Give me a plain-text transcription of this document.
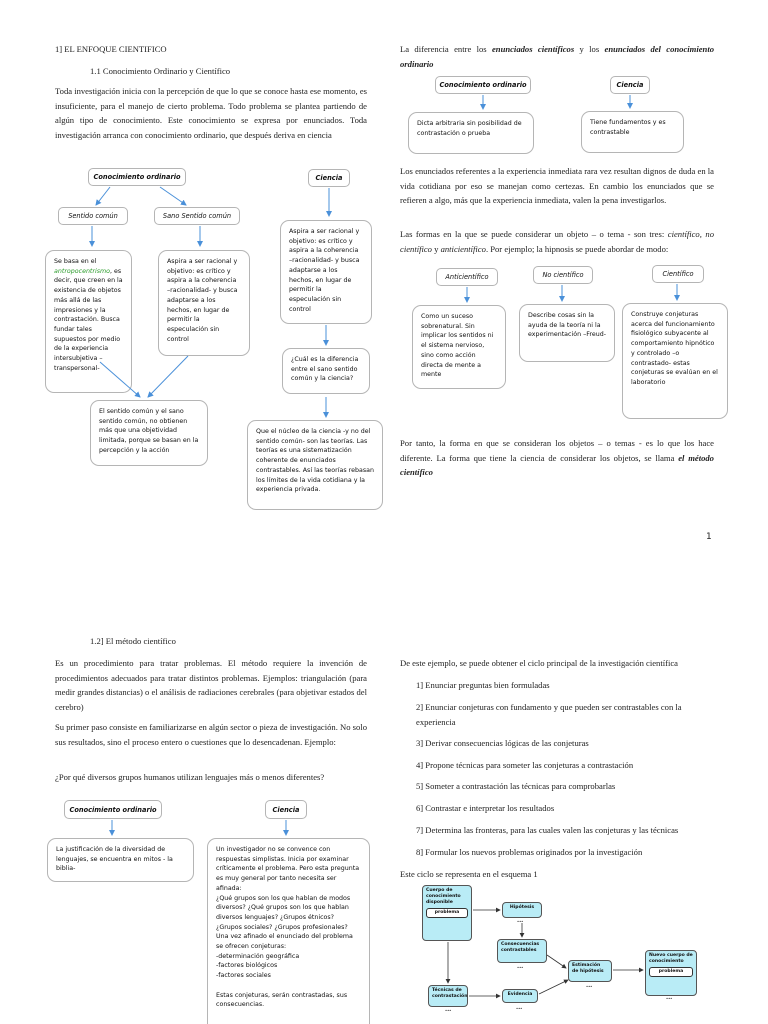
1] EL ENFOQUE CIENTIFICO
1.1 Conocimiento Ordinario y Científico
Toda investigación inicia con la percepción de que lo que se conoce hasta ese momento, es insuficiente, para el manejo de cierto problema. Todo problema se plantea partiendo de algún tipo de conocimiento. Este conocimiento se expresa por enunciados. Toda investigación arranca con conocimiento ordinario, que después deriva en ciencia
Conocimiento ordinario	Ciencia
Sentido común	Sano Sentido común
Se basa en el antropocentrismo, es decir, que creen en la existencia de objetos más allá de las impresiones y la contrastación. Busca fundar tales supuestos por medio de la experiencia intersubjetiva –transpersonal-
Aspira a ser racional y objetivo: es crítico y aspira a la coherencia –racionalidad- y busca adaptarse a los hechos, en lugar de permitir la especulación sin control
Aspira a ser racional y objetivo: es crítico y aspira a la coherencia –racionalidad- y busca adaptarse a los hechos, en lugar de permitir la especulación sin control
El sentido común y el sano sentido común, no obtienen más que una objetividad limitada, porque se basan en la percepción y la acción
¿Cuál es la diferencia entre el sano sentido común y la ciencia?
Que el núcleo de la ciencia -y no del sentido común- son las teorías. Las teorías es una sistematización coherente de enunciados contrastables. Así las teorías rebasan los límites de la vida cotidiana y la experiencia privada.
La diferencia entre los enunciados científicos y los enunciados del conocimiento ordinario
Conocimiento ordinario	Ciencia
Dicta arbitraria sin posibilidad de contrastación o prueba
Tiene fundamentos y es contrastable
Los enunciados referentes a la experiencia inmediata rara vez resultan dignos de duda en la vida cotidiana por eso se manejan como certezas. En cambio los enunciados que se refieren a algo, más que la experiencia inmediata, valen la pena investigarlos.
Las formas en la que se puede considerar un objeto – o tema - son tres: científico, no científico y anticientífico. Por ejemplo; la hipnosis se puede abordar de modo:
Anticientífico	No científico	Científico
Como un suceso sobrenatural. Sin implicar los sentidos ni el sistema nervioso, sino como acción directa de mente a mente
Describe cosas sin la ayuda de la teoría ni la experimentación –Freud-
Construye conjeturas acerca del funcionamiento fisiológico subyacente al comportamiento hipnótico y controlado –o contrastado- estas conjeturas se evalúan en el laboratorio
Por tanto, la forma en que se consideran los objetos – o temas - es lo que los hace diferente. La forma que tiene la ciencia de considerar los objetos, se llama el método científico
1
1.2] El método científico
Es un procedimiento para tratar problemas. El método requiere la invención de procedimientos adecuados para tratar distintos problemas. Ejemplos: triangulación (para medir grandes distancias) o el análisis de radiaciones cerebrales (para objetivar estados del cerebro)
Su primer paso consiste en familiarizarse en algún sector o pieza de investigación. No solo sus resultados, sino el proceso entero o cuestiones que lo desencadenan. Ejemplo:
¿Por qué diversos grupos humanos utilizan lenguajes más o menos diferentes?
Conocimiento ordinario	Ciencia
La justificación de la diversidad de lenguajes, se encuentra en mitos - la biblia-
Un investigador no se convence con respuestas simplistas. Inicia por examinar críticamente el problema. Pero esta pregunta es muy general por tanto necesita ser afinada:
¿Qué grupos son los que hablan de modos diversos? ¿Qué grupos son los que hablan diversos lenguajes? ¿Grupos étnicos? ¿Grupos sociales? ¿Grupos profesionales? Una vez afinado el enunciado del problema se ofrecen conjeturas:
-determinación geográfica
-factores biológicos
-factores sociales

Estas conjeturas, serán contrastadas, sus consecuencias.
De este ejemplo, se puede obtener el ciclo principal de la investigación científica
1] Enunciar preguntas bien formuladas
2] Enunciar conjeturas con fundamento y que pueden ser contrastables con la experiencia
3] Derivar consecuencias lógicas de las conjeturas
4] Propone técnicas para someter las conjeturas a contrastación
5] Someter a contrastación las técnicas para comprobarlas
6] Contrastar e interpretar los resultados
7] Determina las fronteras, para las cuales valen las conjeturas y las técnicas
8] Formular los nuevos problemas originados por la investigación
Este ciclo se representa en el esquema 1
Cuerpo de conocimiento disponible
problema
Hipótesis
Consecuencias contrastables
Estimación de hipótesis
Nuevo cuerpo de conocimiento
problema
Técnicas de contrastación	Evidencia
...
...
...
...
...	...
